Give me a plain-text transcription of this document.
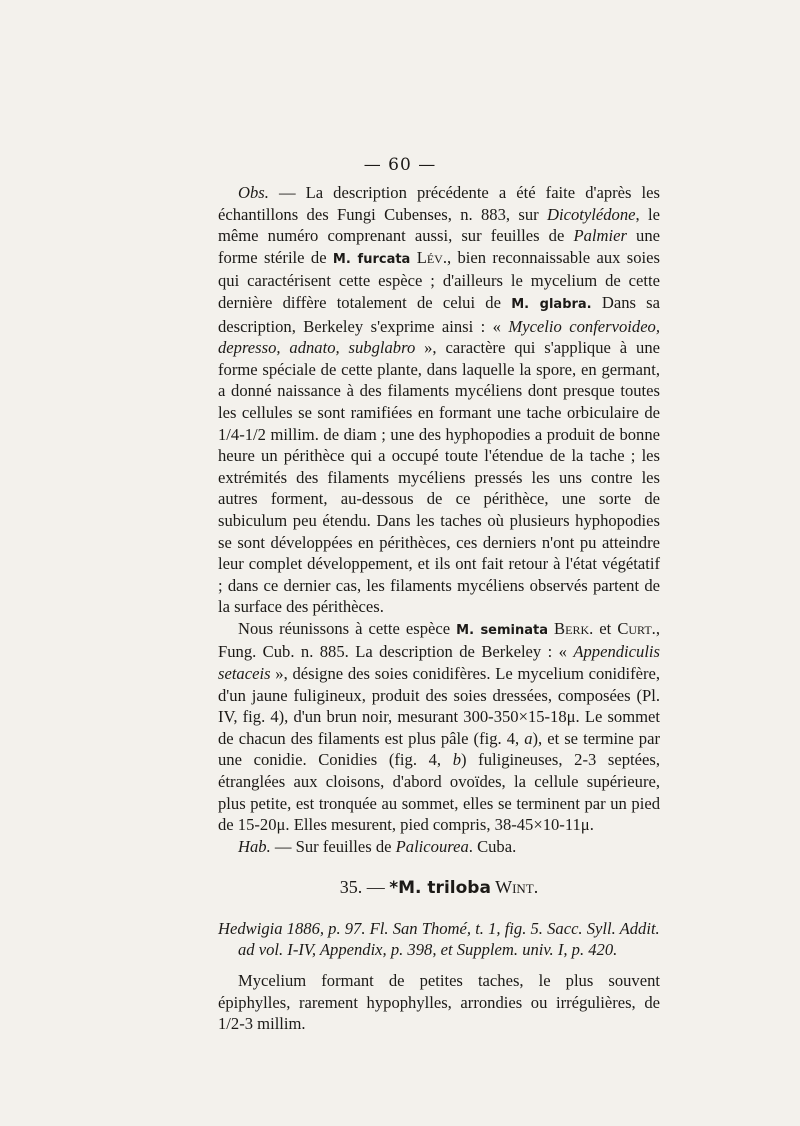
— 60 —

Obs. — La description précédente a été faite d'après les échantillons des Fungi Cubenses, n. 883, sur Dicotylédone, le même numéro comprenant aussi, sur feuilles de Palmier une forme stérile de M. furcata Lév., bien reconnaissable aux soies qui caractérisent cette espèce ; d'ailleurs le mycelium de cette dernière diffère totalement de celui de M. glabra. Dans sa description, Berkeley s'exprime ainsi : « Mycelio confervoideo, depresso, adnato, subglabro », caractère qui s'applique à une forme spéciale de cette plante, dans laquelle la spore, en germant, a donné naissance à des filaments mycéliens dont presque toutes les cellules se sont ramifiées en formant une tache orbiculaire de 1/4-1/2 millim. de diam ; une des hyphopodies a produit de bonne heure un périthèce qui a occupé toute l'étendue de la tache ; les extrémités des filaments mycéliens pressés les uns contre les autres forment, au-dessous de ce périthèce, une sorte de subiculum peu étendu. Dans les taches où plusieurs hyphopodies se sont développées en périthèces, ces derniers n'ont pu atteindre leur complet développement, et ils ont fait retour à l'état végétatif ; dans ce dernier cas, les filaments mycéliens observés partent de la surface des périthèces.

Nous réunissons à cette espèce M. seminata Berk. et Curt., Fung. Cub. n. 885. La description de Berkeley : « Appendiculis setaceis », désigne des soies conidifères. Le mycelium conidifère, d'un jaune fuligineux, produit des soies dressées, composées (Pl. IV, fig. 4), d'un brun noir, mesurant 300-350×15-18μ. Le sommet de chacun des filaments est plus pâle (fig. 4, a), et se termine par une conidie. Conidies (fig. 4, b) fuligineuses, 2-3 septées, étranglées aux cloisons, d'abord ovoïdes, la cellule supérieure, plus petite, est tronquée au sommet, elles se terminent par un pied de 15-20μ. Elles mesurent, pied compris, 38-45×10-11μ.

Hab. — Sur feuilles de Palicourea. Cuba.

35. — *M. triloba Wint.

Hedwigia 1886, p. 97. Fl. San Thomé, t. 1, fig. 5. Sacc. Syll. Addit. ad vol. I-IV, Appendix, p. 398, et Supplem. univ. I, p. 420.

Mycelium formant de petites taches, le plus souvent épiphylles, rarement hypophylles, arrondies ou irrégulières, de 1/2-3 millim.
